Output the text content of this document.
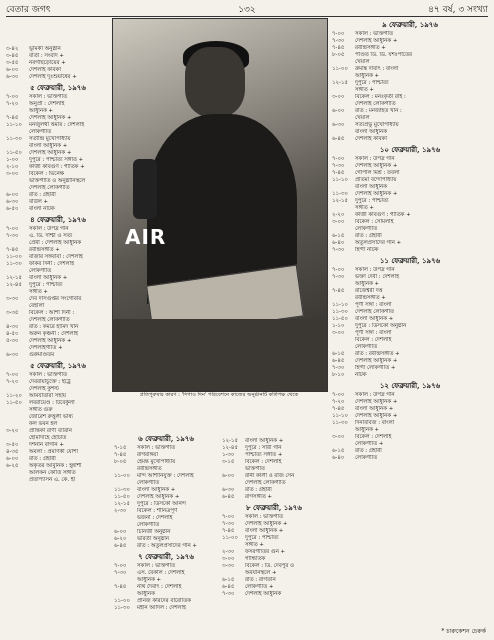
বেতার জগৎ	১৩২	৪৭ বর্ষ, ৩ সংখ্যা
৩-৪২	ভূমিকী অনুষ্ঠান
৩-৪৫	বার্তা : সংবাদ +
৩-৫৫	নবগাছড়োয়ের +
৬-০০	দেশলাই কবিকা
৬-৩০	দেশলাই দূঃশুয়ার্ষের +
৫ ফেব্রুয়ারী, ১৯৭৬
৭-০০	সকাল : ভক্তিগীত
৭-২০	অনুপ্রা : দেশলাই
আধুনিক +
৭-৪৫	দেশলাই আধুনিক +
১১-১০	মনজুলর্থী ত্তমার : দেশলাই
লোকগীতি
১১-৩০	সত্যীন্দ্র মুখোপাধ্যায়
বাংলা আধুনিক +
১১-৫০	দেশলাই আধুনিক +
১-০০	দুপুরে : পাশ্চাত্য সঙ্গীত +
২-১০	কাজী কবিগুণ : গীতিক +
৩-০০	বিকেল : ভিনেক্ষ
ভক্তিগীতি ও অনুষ্ঠানিস্থলে
দেশলাই লোকগীতি
৬-০০	রাত : গ্রহারী
৬-৩০	বাউল +
৬-৫০	বাংলা নাটক
৪ ফেব্রুয়ারী, ১৯৭৬
৭-০০	সকাল : উপদ্র গান
৭-৩০	এ. ডি. দাশ্চী ও সত্য
প্রেমী : দেশলাই আধুনিক
৭-৪৫	রবীন্দ্রসঙ্গীত +
১১-০০	বাজার সঙ্গবাবা : দেশলাই
১১-৩০	ফকির দিনী : দেশলাই
লোকগীতি
১২-১৫	বাংলা আধুনিক +
১২-৪৫	দুপুরে : পাশ্চাত্য
সঙ্গীত +
৩-৩০	দেব দাসগুপ্তর সংগোবার
বেহালা
৩-৩৫	বিকেল : আশা দিনী :
দেশলাই লোকগীতি
৪-৩০	রাত : কমরে হামিদ খান
৪-৫০	অরুন কৃঞ্চনী : দেশলাই
৫-৩০	দেশলাই আধুনিক +
দেশলাইগীতি +
৬-৩০	গুরুমণ্ডিতম
৫ ফেব্রুয়ারী, ১৯৭৬
৭-০০	সকাল : ভক্তিগীত
৭-২০	দেবরায়াচুক্তে : ইট্রে
দেশলাই কুশল্ট
১১-২০	আমর্যাতারা সহায়
১১-৫০	লবরায়েণ্ড : টিবের্কুলা
সঙ্গীত গুরু
জোরেশ রুত্তুলী ভাষ্য
কল ভবন হল
৩-২০	প্রান্তিকা রাণী ব্যারান
হোমাদাহে হোচাত
৩-৫০	দশনান বাগান +
৪-৩৫	অবলা : প্রমাণকী যোশা
৬-০০	রাত : গ্রহারী
৬-২৫	অকৃতর আবুনিক : হ্ন্নাশী
আলকন কোর্তি সঙ্গীত
প্রতাপ্যাসন এ. কে. হী
AIR
প্রতিপুরুষার কারণ : 'দিপাও দিন' পরিবেশনে কাজের অনুষ্ঠানটি কর্তিপক্ষ থেকে
৬ ফেব্রুয়ারী, ১৯৭৬
৭-১৫	সকাল : ভক্তিগীত
৭-৪৫	রাগরঙ্গিয়া
৮-০৫	হেমন্ত মুখোপাধ্যায়
রবীন্দ্রসঙ্গীত
১১-০০	মান্দ আশানিযুক্ত : দেশলাই
লোকগীতি
১১-৩০	বাংলা আধুনিক +
১১-৫০	দেশলাই আধুনিক +
১২-১৫	দুপুরে : ডিসকো আনন্দ
২-৩০	বিকেল : শানিত্রপূর্ণ
ভজনা : দেশলাই
লোকগীতি
৬-০০	চিনিজী অনুষ্ঠান
৬-২০	ভারতী অনুষ্ঠান
৬-৪৫	রাত : অতুলপ্রসাদের গান +
৭ ফেব্রুয়ারী, ১৯৭৬
৭-০০	সকাল : ভক্তিগীত
৭-৩০	এস. বৈকাল : দেশলাই
আধুনিক +
৭-৪৫	নথি দৈবাৎ : দেশলাই
আধুনিক
১১-০০	প্রানজ কারদের বারোতিক
১১-৩০	মহীন আদিল : দেশলাই
১২-১৫	বাংলা আধুনিক +
১২-৪৫	দুপুরে : সারী গান
১-৩০	পাশ্চাত্য সঙ্গীত +
৩-১৫	বিকেল : দেশলাই
ভক্তিগীত
৬-০০	রানী কালী ও রাজ সেন
দেশলাই লোকগীতি
৬-৩০	রাত : গ্রহারী
৬-৪৫	রাগসঙ্গীত +
৮ ফেব্রুয়ারী, ১৯৭৬
৭-০০	সকাল : ভক্তিগীত
৭-৩০	দেশলাই আধুনিক +
৭-৪৫	বাংলা আধুনিক +
১১-০০	দুপুরে : পাশ্চাত্য
সঙ্গীত +
২-৩০	ফসরগীতির গুন +
৩-০০	গান্ধিতিক
৩-৩০	বিকেল : ডি. দেবপুর ও
অবর্যনিস্থলে +
৬-১৫	রাত : রাগতান
৬-৪৫	লোকগীতি +
৭-৩০	দেশলাই আধুনিক
৯ ফেব্রুয়ারী, ১৯৭৬
৭-০০	সকাল : ভক্তিগীত
৭-৩০	দেশলাই আধুনিক +
৭-৪৫	রবীন্দ্রসঙ্গীত +
৮-০৫	পণ্ডিত ডি. ডি. যশঃপাতের
খেয়াল
১১-০০	রুমাঙ্ক দাবাৎ : বাংলা
আধুনিক +
১২-১৫	দুপুরে : পাশ্চাত্য
সঙ্গীত +
৩-০০	বিকেল : মনঃকৃতী রাই :
দেশলাই লোকগীতি
৬-০০	রাত : মনজাহত খান :
খেয়াল
৬-৩০	সত্যপ্রভু মুখোপাধ্যায়
বাংলা আধুনিক
৬-৪৫	দেশলাই কবিকা
১০ ফেব্রুয়ারী, ১৯৭৬
৭-০০	সকাল : উপদ্র গান
৭-৩০	দেশলাই আধুনিক +
৭-৪৫	গোপাল মিশ্র : তবলা
১১-১০	প্রতিমা বন্দোপাধ্যায়
বাংলা আধুনিক
১১-৩০	দেশলাই আধুনিক +
১২-১৫	দুপুরে : পাশ্চাত্য
সঙ্গীত +
২-২০	কাজী কবিগুণ : গীতিক +
৩-০০	বিকেল : সোমলাই
লোকগীতি
৬-১৫	রাত : গ্রহারী
৬-৪০	অতুলপ্রসাদের গান +
৭-৩০	হিন্দী নাটক
১১ ফেব্রুয়ারী, ১৯৭৬
৭-০০	সকাল : উপদ্র গান
৭-৩০	ভক্তা দেবী : দেশলাই
আধুনিক +
৭-৪৫	রাজেশ্বরী দত্ত
রবীন্দ্রসঙ্গীত +
১১-১০	পূর্ণী সঙ্গা : বাংলা
১১-৩০	দেশলাই লোকগীত
১১-৫০	বাংলা আধুনিক +
১-১০	দুপুরে : ডিসকো অনুষ্ঠান
৩-০০	পূর্ণী সঙ্গা : বাংলা
বিকেল : দেশলাই
লোকগীতি
৬-১৫	রাত : রবীন্দ্রসঙ্গীত +
৬-৪৫	দেশলাই আধুনিক +
৭-৩০	হিন্দী লোকগীতি +
৮-১০	নাটক
১২ ফেব্রুয়ারী, ১৯৭৬
৭-০০	সকাল : উপদ্র গান
৭-২০	দেশলাই আধুনিক +
৭-৪৫	বাংলা আধুনিক +
১১-১০	দেশলাই আধুনিক +
১১-৩০	দিনবিবিজ : বাংলা
আধুনিক +
৩-০০	বিকেল : দেশলাই
লোকগীতি +
৬-১৫	রাত : গ্রহারী
৬-৪০	লোকগীতি
* চারুকেশন চেরুর্ক
